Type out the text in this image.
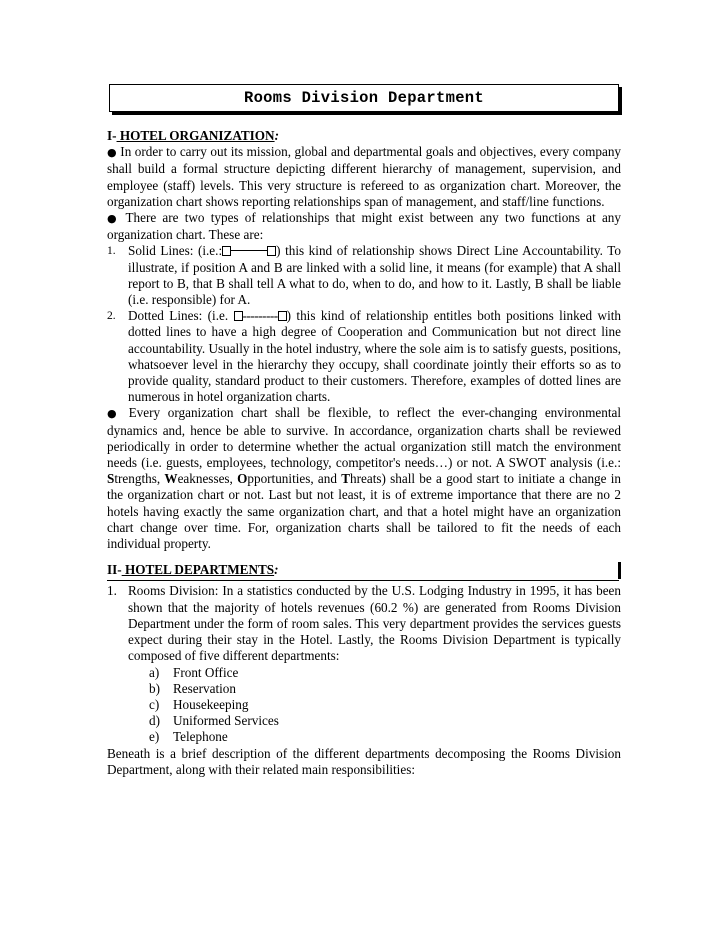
Rooms Division Department
I- HOTEL ORGANIZATION:

● In order to carry out its mission, global and departmental goals and objectives, every company shall build a formal structure depicting different hierarchy of management, supervision, and employee (staff) levels. This very structure is refereed to as organization chart. Moreover, the organization chart shows reporting relationships span of management, and staff/line functions.

● There are two types of relationships that might exist between any two functions at any organization chart. These are:

1. Solid Lines: (i.e.:	) this kind of relationship shows Direct Line Accountability. To illustrate, if position A and B are linked with a solid line, it means (for example) that A shall report to B, that B shall tell A what to do, when to do, and how to it. Lastly, B shall be liable (i.e. responsible) for A.
2. Dotted Lines: (i.e. --------- ) this kind of relationship entitles both positions linked with dotted lines to have a high degree of Cooperation and Communication but not direct line accountability. Usually in the hotel industry, where the sole aim is to satisfy guests, positions, whatsoever level in the hierarchy they occupy, shall coordinate jointly their efforts so as to provide quality, standard product to their customers. Therefore, examples of dotted lines are numerous in hotel organization charts.

● Every organization chart shall be flexible, to reflect the ever-changing environmental dynamics and, hence be able to survive. In accordance, organization charts shall be reviewed periodically in order to determine whether the actual organization still match the environment needs (i.e. guests, employees, technology, competitor's needs…) or not. A SWOT analysis (i.e.: Strengths, Weaknesses, Opportunities, and Threats) shall be a good start to initiate a change in the organization chart or not. Last but not least, it is of extreme importance that there are no 2 hotels having exactly the same organization chart, and that a hotel might have an organization chart change over time. For, organization charts shall be tailored to fit the needs of each individual property.

II- HOTEL DEPARTMENTS:
1. Rooms Division: In a statistics conducted by the U.S. Lodging Industry in 1995, it has been shown that the majority of hotels revenues (60.2 %) are generated from Rooms Division Department under the form of room sales. This very department provides the services guests expect during their stay in the Hotel. Lastly, the Rooms Division Department is typically composed of five different departments:
a) Front Office
b) Reservation
c) Housekeeping
d) Uniformed Services
e) Telephone

Beneath is a brief description of the different departments decomposing the Rooms Division Department, along with their related main responsibilities:
